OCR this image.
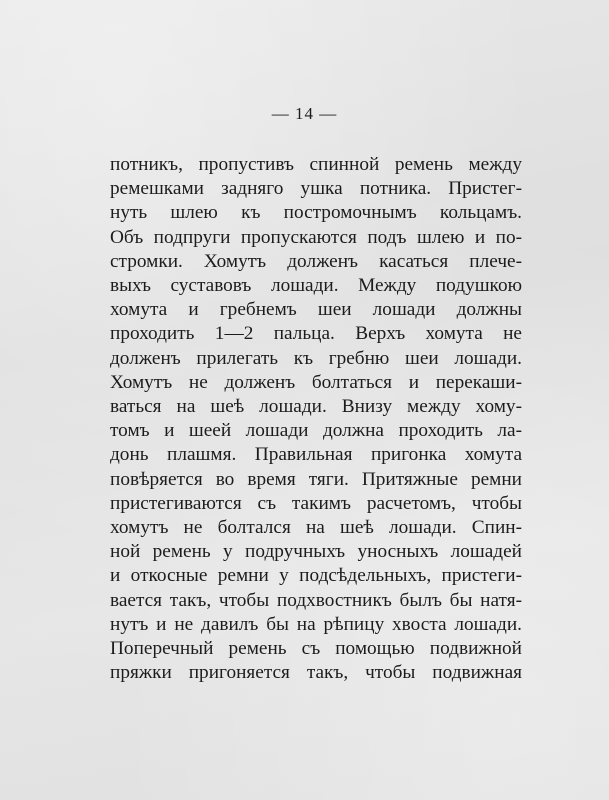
— 14 —
потникъ, пропустивъ спинной ремень между
ремешками задняго ушка потника. Пристег-
нуть шлею къ постромочнымъ кольцамъ.
Объ подпруги пропускаются подъ шлею и по-
стромки. Хомутъ долженъ касаться плече-
выхъ суставовъ лошади. Между подушкою
хомута и гребнемъ шеи лошади должны
проходить 1—2 пальца. Верхъ хомута не
долженъ прилегать къ гребню шеи лошади.
Хомутъ не долженъ болтаться и перекаши-
ваться на шеѣ лошади. Внизу между хому-
томъ и шеей лошади должна проходить ла-
донь плашмя. Правильная пригонка хомута
повѣряется во время тяги. Притяжные ремни
пристегиваются съ такимъ расчетомъ, чтобы
хомутъ не болтался на шеѣ лошади. Спин-
ной ремень у подручныхъ уносныхъ лошадей
и откосные ремни у подсѣдельныхъ, пристеги-
вается такъ, чтобы подхвостникъ былъ бы натя-
нутъ и не давилъ бы на рѣпицу хвоста лошади.
Поперечный ремень съ помощью подвижной
пряжки пригоняется такъ, чтобы подвижная
